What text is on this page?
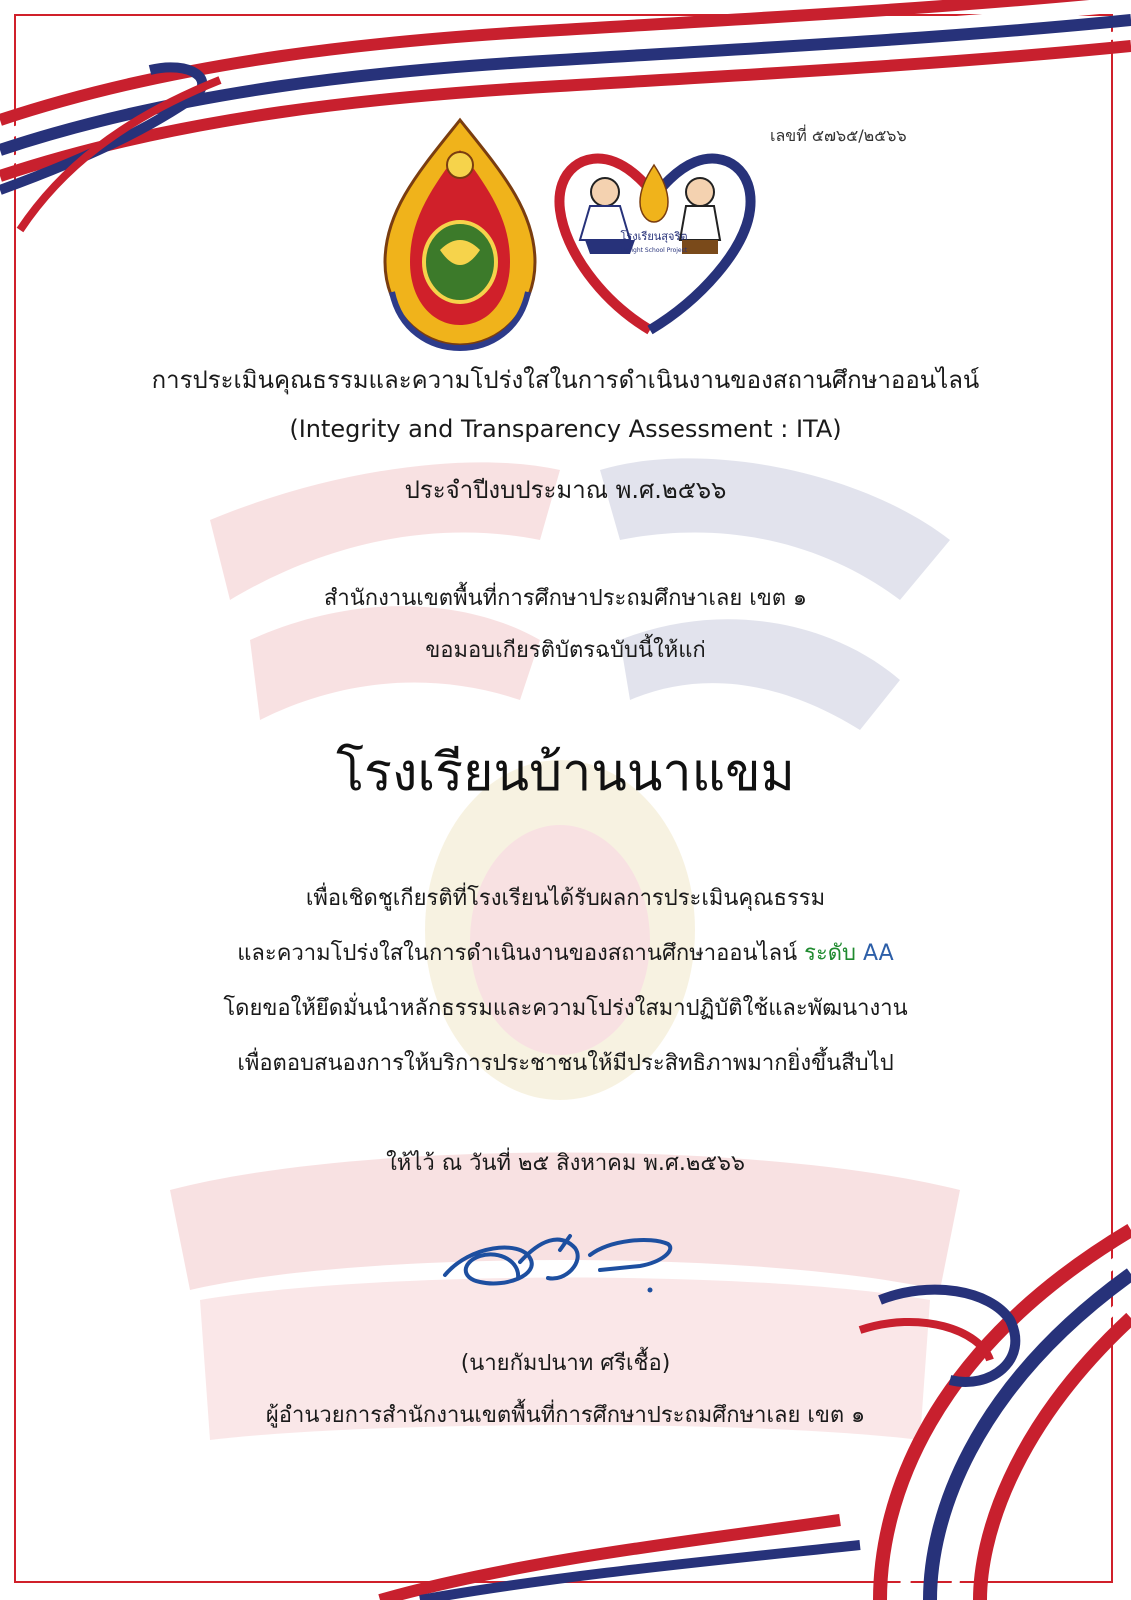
โรงเรียนสุจริต
Upright School Project
เลขที่ ๕๗๖๕/๒๕๖๖
การประเมินคุณธรรมและความโปร่งใสในการดำเนินงานของสถานศึกษาออนไลน์
(Integrity and Transparency Assessment : ITA)
ประจำปีงบประมาณ พ.ศ.๒๕๖๖
สำนักงานเขตพื้นที่การศึกษาประถมศึกษาเลย เขต ๑
ขอมอบเกียรติบัตรฉบับนี้ให้แก่
โรงเรียนบ้านนาแขม
เพื่อเชิดชูเกียรติที่โรงเรียนได้รับผลการประเมินคุณธรรม
และความโปร่งใสในการดำเนินงานของสถานศึกษาออนไลน์ ระดับ AA
โดยขอให้ยึดมั่นนำหลักธรรมและความโปร่งใสมาปฏิบัติใช้และพัฒนางาน
เพื่อตอบสนองการให้บริการประชาชนให้มีประสิทธิภาพมากยิ่งขึ้นสืบไป
ให้ไว้ ณ วันที่ ๒๕ สิงหาคม พ.ศ.๒๕๖๖
(นายกัมปนาท ศรีเชื้อ)
ผู้อำนวยการสำนักงานเขตพื้นที่การศึกษาประถมศึกษาเลย เขต ๑
